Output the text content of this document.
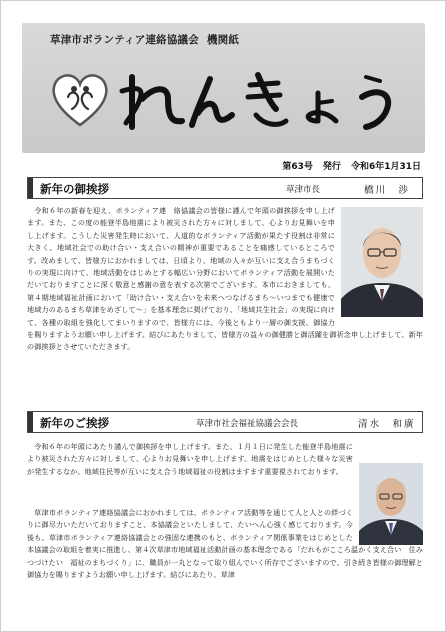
草津市ボランティア連絡協議会 機関紙
第63号 発行 令和6年1月31日
新年の御挨拶	草津市長	橋川　渉
　令和６年の新春を迎え、ボランティア連　絡協議会の皆様に謹んで年頭の御挨拶を申し上げます。また、この度の能登半島地震により被災された方々に対しまして、心よりお見舞いを申し上げます。こうした災害発生時において、人道的なボランティア活動が果たす役割は非常に大きく、地域社会での助け合い・支え合いの精神が重要であることを痛感しているところです。改めまして、皆様方におかれましては、日頃より、地域の人々が互いに支え合うまちづくりの実現に向けて、地域活動をはじめとする幅広い分野においてボランティア活動を展開いただいておりますことに深く敬意と感謝の意を表する次第でございます。本市におきましても、第４期地域福祉計画において「助け合い・支え合いを未来へつなげるまち～いつまでも健康で地域力のあるまち草津をめざして～」を基本理念に掲げており、「地域共生社会」の実現に向けて、各種の取組を強化してまいりますので、皆様方には、今後ともより一層の御支援、御協力を賜りますようお願い申し上げます。結びにあたりまして、皆様方の益々の御健勝と御活躍を御祈念申し上げまして、新年の御挨拶とさせていただきます。
新年のご挨拶	草津市社会福祉協議会会長	清水　和廣
　令和６年の年頭にあたり謹んで御挨拶を申し上げます。また、１月１日に発生した能登半島地震により被災された方々に対しまして、心よりお見舞いを申し上げます。地震をはじめとした様々な災害が発生するなか、地域住民等が互いに支え合う地域福祉の役割はますます重要視されております。
　草津市ボランティア連絡協議会におかれましては、ボランティア活動等を通じて人と人との絆づくりに御尽力いただいておりますこと、本協議会といたしまして、たいへん心強く感じております。今後も、草津市ボランティア連絡協議会との強固な連携のもと、ボランティア関係事業をはじめとした本協議会の取組を着実に推進し、第４次草津市地域福祉活動計画の基本理念である「だれもがこころ温かく支え合い　住みつづけたい　福祉のまちづくり」に、職員が一丸となって取り組んでいく所存でございますので、引き続き皆様の御理解と御協力を賜りますようお願い申し上げます。結びにあたり、草津
